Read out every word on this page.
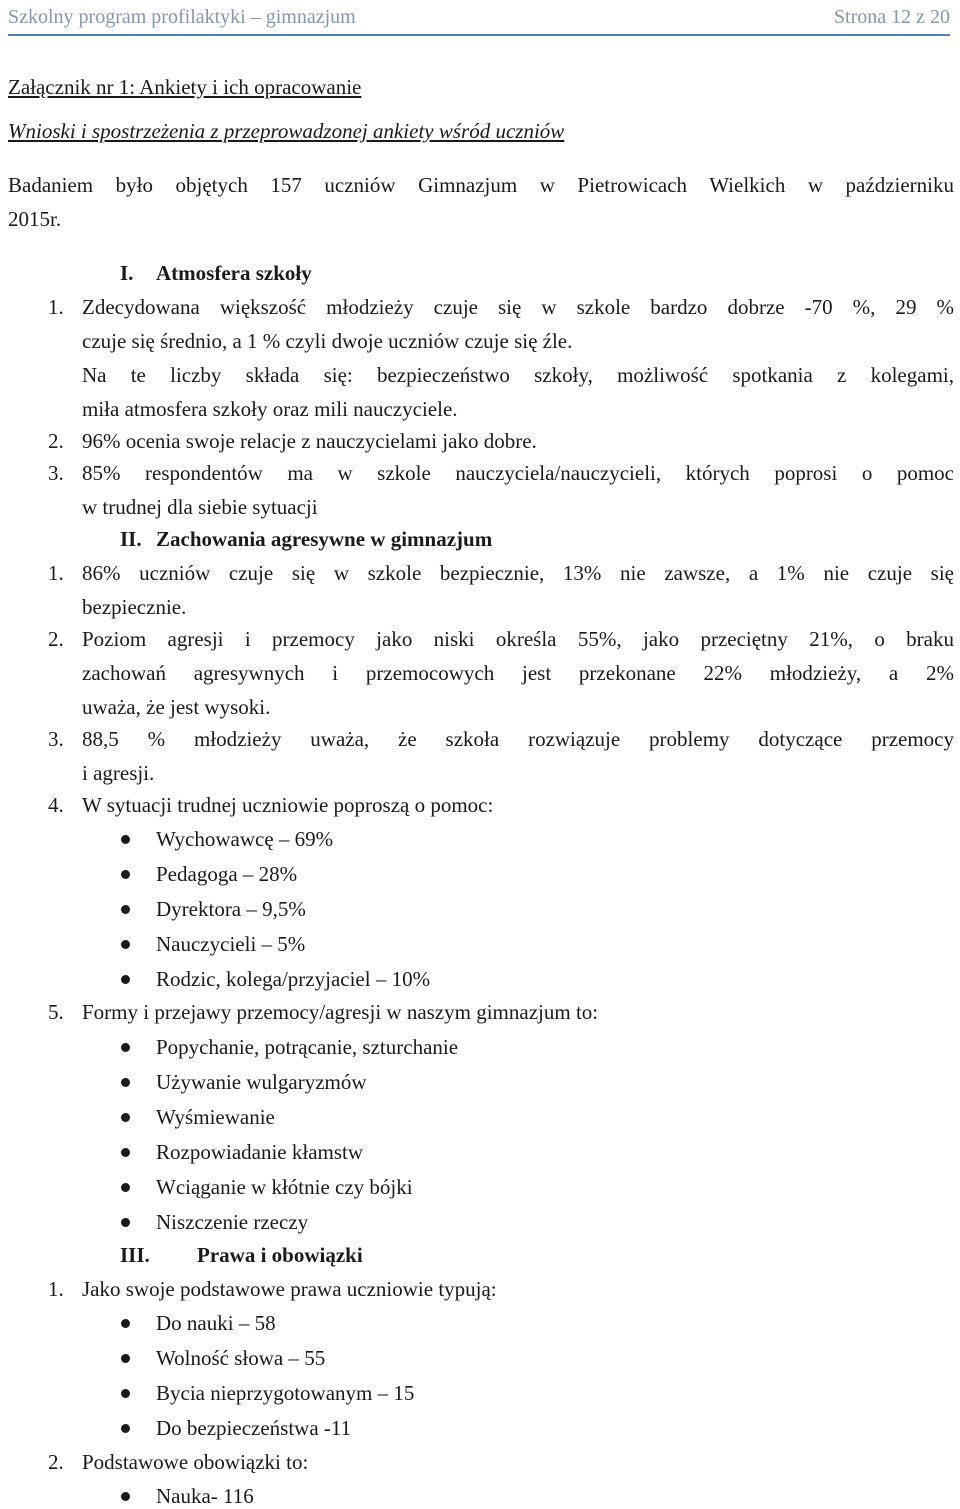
Szkolny program profilaktyki – gimnazjum	Strona 12 z 20
Załącznik nr 1: Ankiety i ich opracowanie
Wnioski i spostrzeżenia z przeprowadzonej ankiety wśród uczniów
Badaniem było objętych 157 uczniów Gimnazjum w Pietrowicach Wielkich w październiku
2015r.
I. Atmosfera szkoły
1. Zdecydowana większość młodzieży czuje się w szkole bardzo dobrze -70 %, 29 %
czuje się średnio, a 1 % czyli dwoje uczniów czuje się źle.
Na te liczby składa się: bezpieczeństwo szkoły, możliwość spotkania z kolegami,
miła atmosfera szkoły oraz mili nauczyciele.
2. 96% ocenia swoje relacje z nauczycielami jako dobre.
3. 85% respondentów ma w szkole nauczyciela/nauczycieli, których poprosi o pomoc
w trudnej dla siebie sytuacji
II. Zachowania agresywne w gimnazjum
1. 86% uczniów czuje się w szkole bezpiecznie, 13% nie zawsze, a 1% nie czuje się
bezpiecznie.
2. Poziom agresji i przemocy jako niski określa 55%, jako przeciętny 21%, o braku
zachowań agresywnych i przemocowych jest przekonane 22% młodzieży, a 2%
uważa, że jest wysoki.
3. 88,5 % młodzieży uważa, że szkoła rozwiązuje problemy dotyczące przemocy
i agresji.
4. W sytuacji trudnej uczniowie poproszą o pomoc:
Wychowawcę – 69%
Pedagoga – 28%
Dyrektora – 9,5%
Nauczycieli – 5%
Rodzic, kolega/przyjaciel – 10%
5. Formy i przejawy przemocy/agresji w naszym gimnazjum to:
Popychanie, potrącanie, szturchanie
Używanie wulgaryzmów
Wyśmiewanie
Rozpowiadanie kłamstw
Wciąganie w kłótnie czy bójki
Niszczenie rzeczy
III. Prawa i obowiązki
1. Jako swoje podstawowe prawa uczniowie typują:
Do nauki – 58
Wolność słowa – 55
Bycia nieprzygotowanym – 15
Do bezpieczeństwa -11
2. Podstawowe obowiązki to:
Nauka- 116
